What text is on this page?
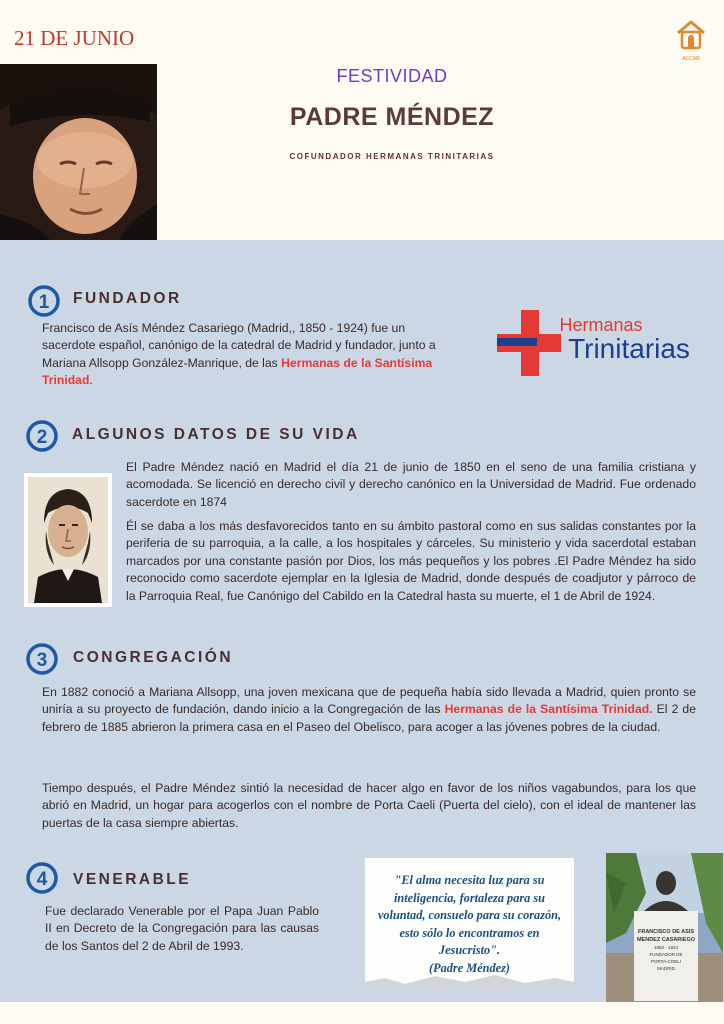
21 DE JUNIO
ACCAR
FESTIVIDAD
PADRE MÉNDEZ
COFUNDADOR HERMANAS TRINITARIAS
1 FUNDADOR
Francisco de Asís Méndez Casariego (Madrid,, 1850 - 1924) fue un sacerdote español, canónigo de la catedral de Madrid y fundador, junto a Mariana Allsopp González-Manrique, de las Hermanas de la Santísima Trinidad.
Hermanas
Trinitarias
2 ALGUNOS DATOS DE SU VIDA
El Padre Méndez nació en Madrid el día 21 de junio de 1850 en el seno de una familia cristiana y acomodada. Se licenció en derecho civil y derecho canónico en la Universidad de Madrid. Fue ordenado sacerdote en 1874
Él se daba a los más desfavorecidos tanto en su ámbito pastoral como en sus salidas constantes por la periferia de su parroquia, a la calle, a los hospitales y cárceles. Su ministerio y vida sacerdotal estaban marcados por una constante pasión por Dios, los más pequeños y los pobres .El Padre Méndez ha sido reconocido como sacerdote ejemplar en la Iglesia de Madrid, donde después de coadjutor y párroco de la Parroquia Real, fue Canónigo del Cabildo en la Catedral hasta su muerte, el 1 de Abril de 1924.
3 CONGREGACIÓN
En 1882 conoció a Mariana Allsopp, una joven mexicana que de pequeña había sido llevada a Madrid, quien pronto se uniría a su proyecto de fundación, dando inicio a la Congregación de las Hermanas de la Santísima Trinidad. El 2 de febrero de 1885 abrieron la primera casa en el Paseo del Obelisco, para acoger a las jóvenes pobres de la ciudad.
Tiempo después, el Padre Méndez sintió la necesidad de hacer algo en favor de los niños vagabundos, para los que abrió en Madrid, un hogar para acogerlos con el nombre de Porta Caeli (Puerta del cielo), con el ideal de mantener las puertas de la casa siempre abiertas.
4 VENERABLE
Fue declarado Venerable por el Papa Juan Pablo II en Decreto de la Congregación para las causas de los Santos del 2 de Abril de 1993.
"El alma necesita luz para su inteligencia, fortaleza para su voluntad, consuelo para su corazón, esto sólo lo encontramos en Jesucristo".
(Padre Méndez)
FRANCISCO DE ASIS
MENDEZ CASARIEGO
1850 - 1924
FUNDADOR DE
PORTA-COELI
MADRID
